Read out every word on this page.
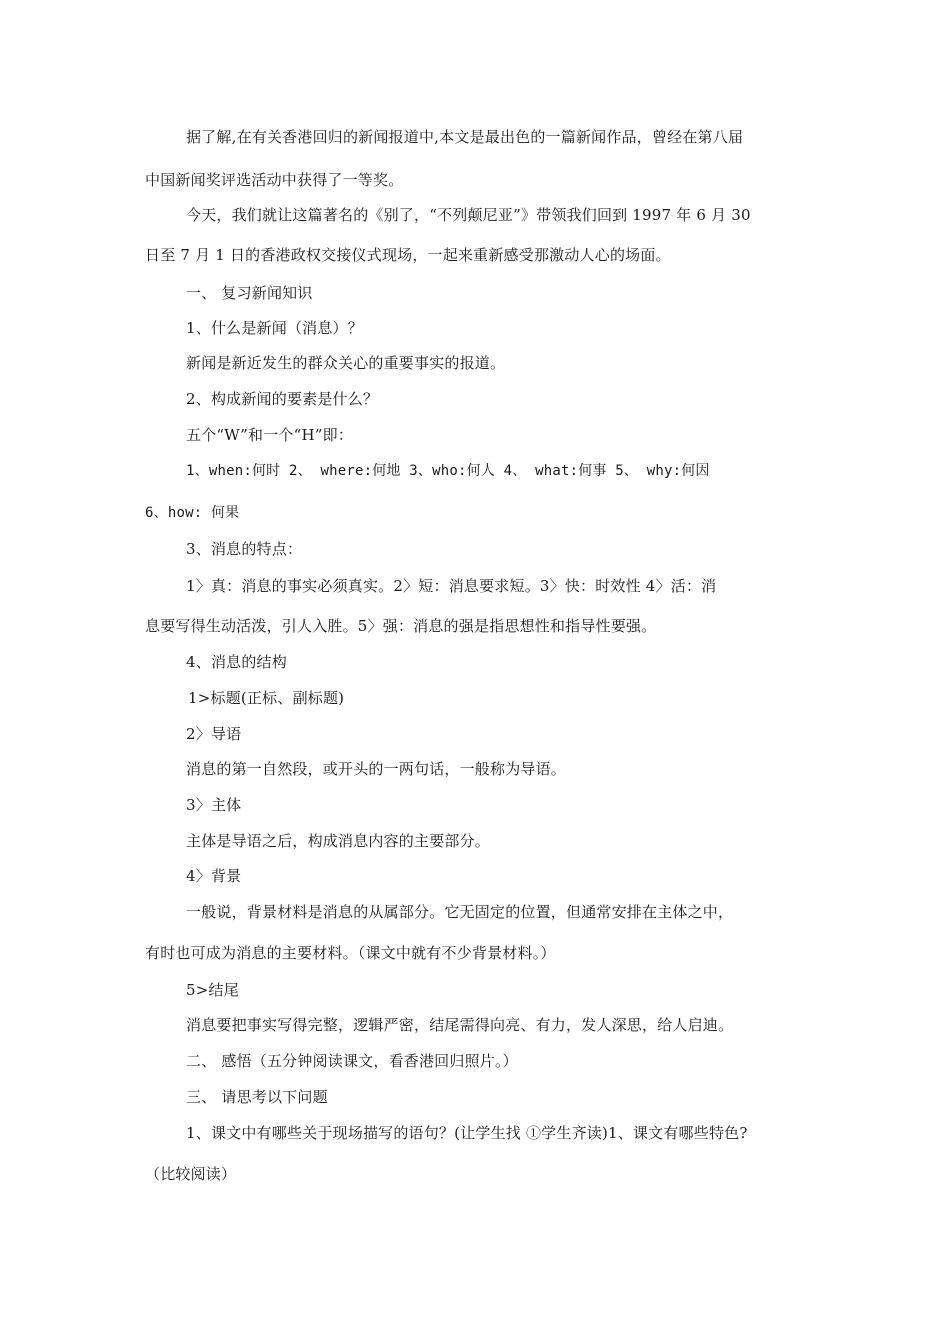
据了解,在有关香港回归的新闻报道中,本文是最出色的一篇新闻作品，曾经在第八届
中国新闻奖评选活动中获得了一等奖。
今天，我们就让这篇著名的《别了，“不列颠尼亚”》带领我们回到 1997 年 6 月 30
日至 7 月 1 日的香港政权交接仪式现场，一起来重新感受那激动人心的场面。
一、 复习新闻知识
1、什么是新闻（消息）？
新闻是新近发生的群众关心的重要事实的报道。
2、构成新闻的要素是什么？
五个“W”和一个“H”即：
1、when:何时 2、 where:何地 3、who:何人 4、 what:何事 5、 why:何因
6、how: 何果
3、消息的特点：
1〉真：消息的事实必须真实。2〉短：消息要求短。3〉快：时效性 4〉活：消
息要写得生动活泼，引人入胜。5〉强：消息的强是指思想性和指导性要强。
4、消息的结构
1>标题(正标、副标题)
2〉导语
消息的第一自然段，或开头的一两句话，一般称为导语。
3〉主体
主体是导语之后，构成消息内容的主要部分。
4〉背景
一般说，背景材料是消息的从属部分。它无固定的位置，但通常安排在主体之中，
有时也可成为消息的主要材料。（课文中就有不少背景材料。）
5>结尾
消息要把事实写得完整，逻辑严密，结尾需得向亮、有力，发人深思，给人启迪。
二、 感悟（五分钟阅读课文，看香港回归照片。）
三、 请思考以下问题
1、课文中有哪些关于现场描写的语句？(让学生找 ①学生齐读)1、课文有哪些特色?
（比较阅读）
